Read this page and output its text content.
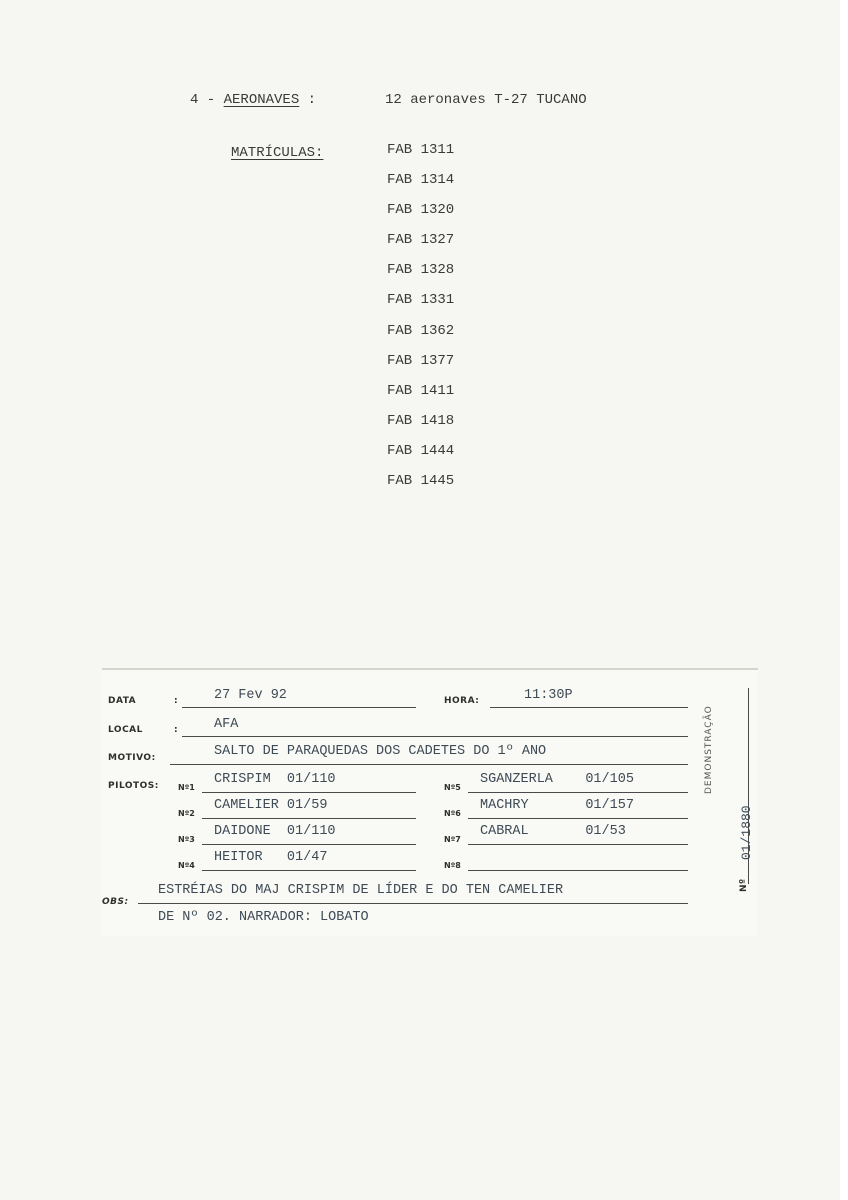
4 - AERONAVES :	12 aeronaves T-27 TUCANO
MATRÍCULAS:	FAB 1311
FAB 1314
FAB 1320
FAB 1327
FAB 1328
FAB 1331
FAB 1362
FAB 1377
FAB 1411
FAB 1418
FAB 1444
FAB 1445
DATA	:	27 Fev 92	HORA:	11:30P
LOCAL	:	AFA
MOTIVO:	SALTO DE PARAQUEDAS DOS CADETES DO 1º ANO
PILOTOS: Nº1
CRISPIM  01/110
Nº2
CAMELIER 01/59
Nº3
DAIDONE  01/110
Nº4
HEITOR   01/47
Nº5
SGANZERLA    01/105
Nº6
MACHRY       01/157
Nº7
CABRAL       01/53
Nº8
OBS:
ESTRÉIAS DO MAJ CRISPIM DE LÍDER E DO TEN CAMELIER
DE Nº 02. NARRADOR: LOBATO
DEMONSTRAÇÃO
01/1880
Nº
